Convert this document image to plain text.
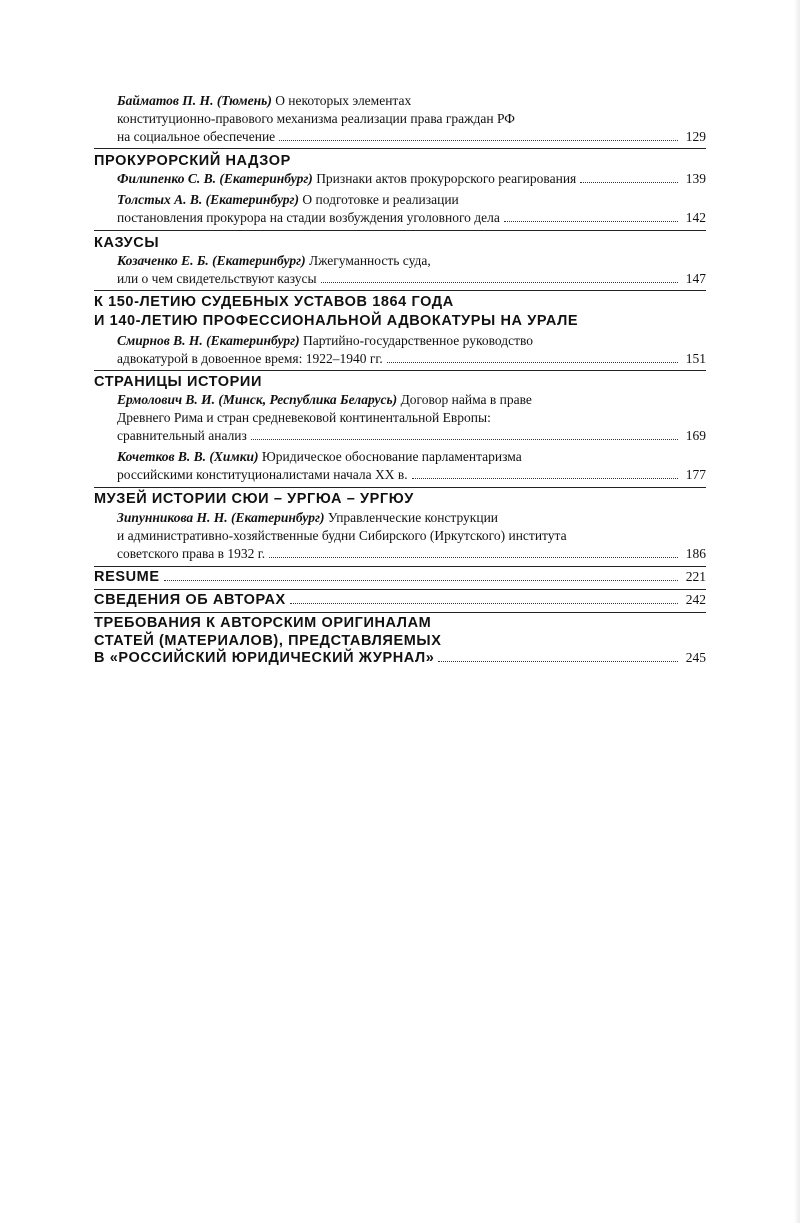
Байматов П. Н. (Тюмень) О некоторых элементах
конституционно-правового механизма реализации права граждан РФ
на социальное обеспечение	129
ПРОКУРОРСКИЙ НАДЗОР
Филипенко С. В. (Екатеринбург) Признаки актов прокурорского реагирования	139
Толстых А. В. (Екатеринбург) О подготовке и реализации
постановления прокурора на стадии возбуждения уголовного дела	142
КАЗУСЫ
Козаченко Е. Б. (Екатеринбург) Лжегуманность суда,
или о чем свидетельствуют казусы	147
К 150-ЛЕТИЮ СУДЕБНЫХ УСТАВОВ 1864 ГОДА
И 140-ЛЕТИЮ ПРОФЕССИОНАЛЬНОЙ АДВОКАТУРЫ НА УРАЛЕ
Смирнов В. Н. (Екатеринбург) Партийно-государственное руководство
адвокатурой в довоенное время: 1922–1940 гг.	151
СТРАНИЦЫ ИСТОРИИ
Ермолович В. И. (Минск, Республика Беларусь) Договор найма в праве
Древнего Рима и стран средневековой континентальной Европы:
сравнительный анализ	169
Кочетков В. В. (Химки) Юридическое обоснование парламентаризма
российскими конституционалистами начала XX в.	177
МУЗЕЙ ИСТОРИИ СЮИ – УРГЮА – УРГЮУ
Зипунникова Н. Н. (Екатеринбург) Управленческие конструкции
и административно-хозяйственные будни Сибирского (Иркутского) института
советского права в 1932 г.	186
RESUME	221
СВЕДЕНИЯ ОБ АВТОРАХ	242
ТРЕБОВАНИЯ К АВТОРСКИМ ОРИГИНАЛАМ
СТАТЕЙ (МАТЕРИАЛОВ), ПРЕДСТАВЛЯЕМЫХ
В «РОССИЙСКИЙ ЮРИДИЧЕСКИЙ ЖУРНАЛ»	245
